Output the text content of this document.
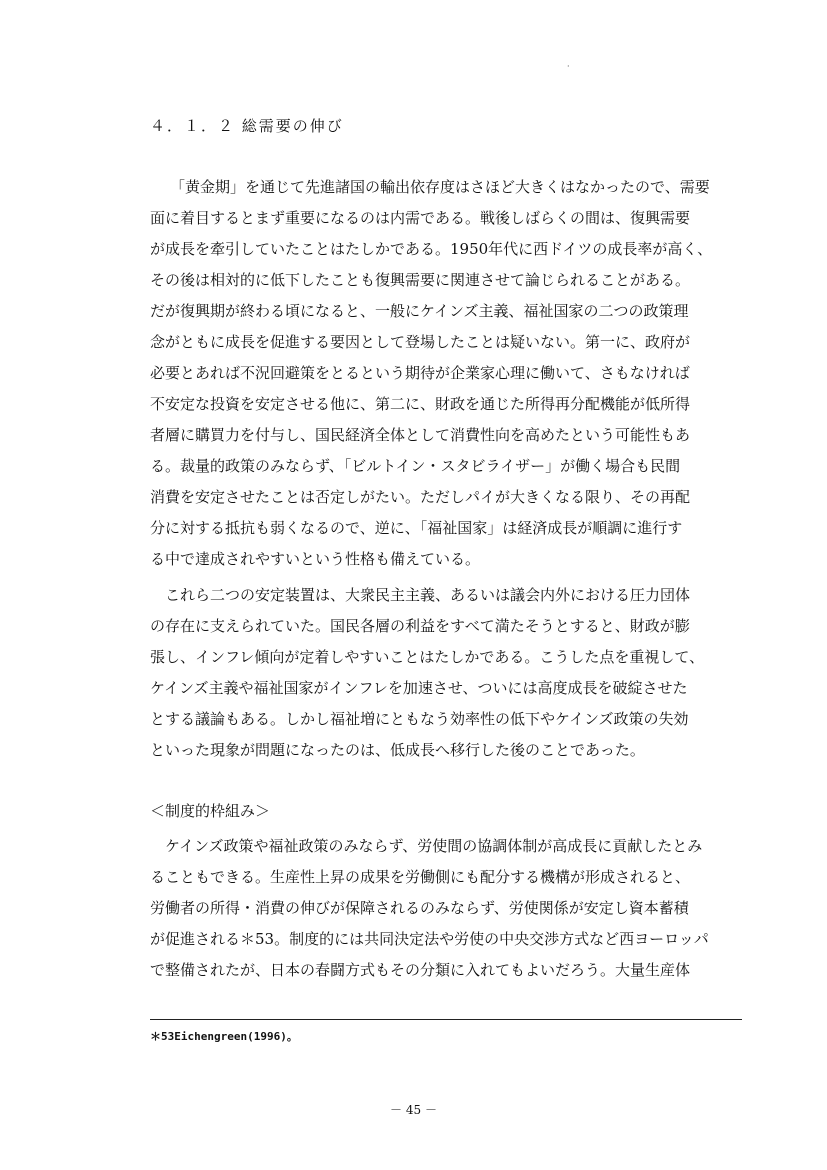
·
４．１．２ 総需要の伸び
「黄金期」を通じて先進諸国の輸出依存度はさほど大きくはなかったので、需要
面に着目するとまず重要になるのは内需である。戦後しばらくの間は、復興需要
が成長を牽引していたことはたしかである。1950年代に西ドイツの成長率が高く、
その後は相対的に低下したことも復興需要に関連させて論じられることがある。
だが復興期が終わる頃になると、一般にケインズ主義、福祉国家の二つの政策理
念がともに成長を促進する要因として登場したことは疑いない。第一に、政府が
必要とあれば不況回避策をとるという期待が企業家心理に働いて、さもなければ
不安定な投資を安定させる他に、第二に、財政を通じた所得再分配機能が低所得
者層に購買力を付与し、国民経済全体として消費性向を高めたという可能性もあ
る。裁量的政策のみならず、「ビルトイン・スタビライザー」が働く場合も民間
消費を安定させたことは否定しがたい。ただしパイが大きくなる限り、その再配
分に対する抵抗も弱くなるので、逆に、「福祉国家」は経済成長が順調に進行す
る中で達成されやすいという性格も備えている。
　これら二つの安定装置は、大衆民主主義、あるいは議会内外における圧力団体
の存在に支えられていた。国民各層の利益をすべて満たそうとすると、財政が膨
張し、インフレ傾向が定着しやすいことはたしかである。こうした点を重視して、
ケインズ主義や福祉国家がインフレを加速させ、ついには高度成長を破綻させた
とする議論もある。しかし福祉増にともなう効率性の低下やケインズ政策の失効
といった現象が問題になったのは、低成長へ移行した後のことであった。
＜制度的枠組み＞
　ケインズ政策や福祉政策のみならず、労使間の協調体制が高成長に貢献したとみ
ることもできる。生産性上昇の成果を労働側にも配分する機構が形成されると、
労働者の所得・消費の伸びが保障されるのみならず、労使関係が安定し資本蓄積
が促進される＊53。制度的には共同決定法や労使の中央交渉方式など西ヨーロッパ
で整備されたが、日本の春闘方式もその分類に入れてもよいだろう。大量生産体
＊53Eichengreen(1996)。
－ 45 －
